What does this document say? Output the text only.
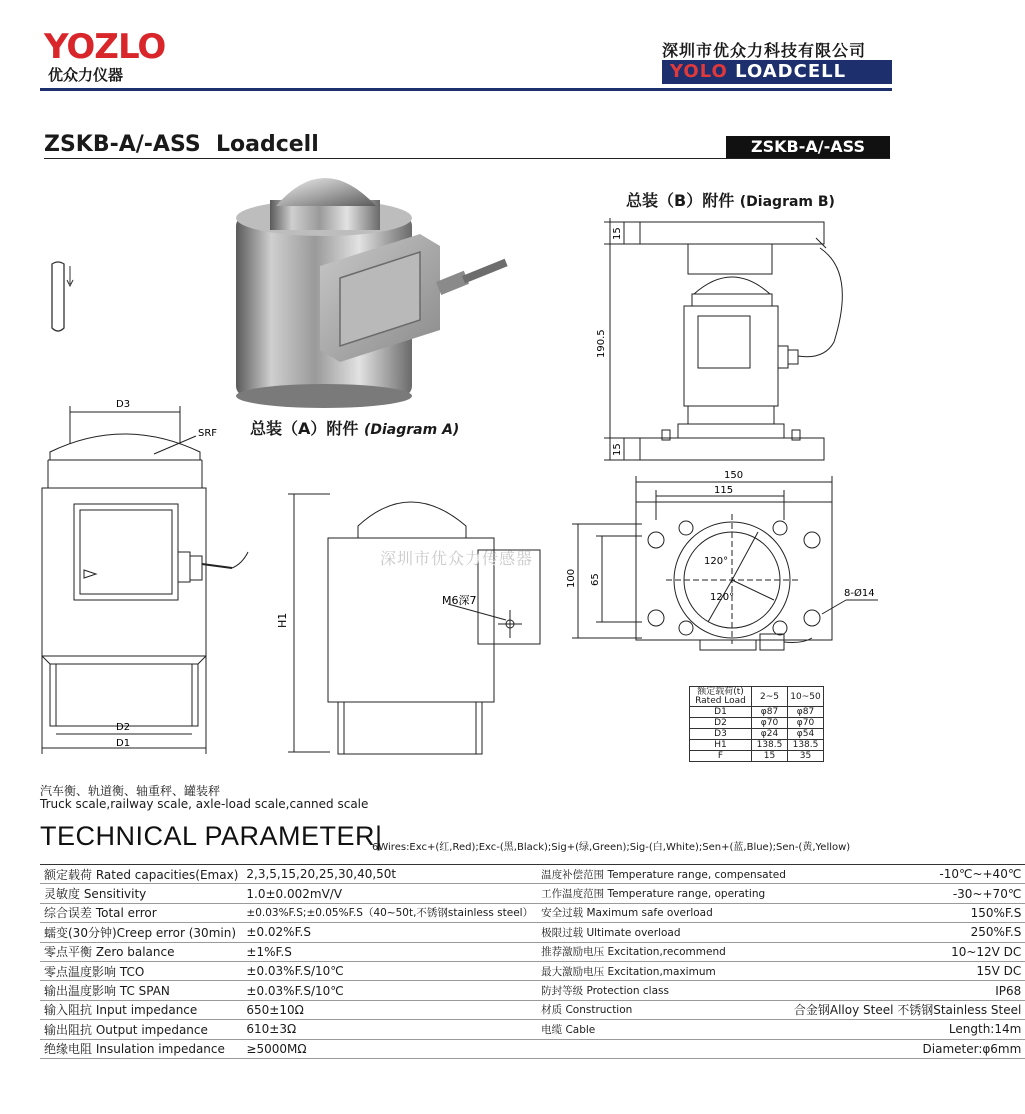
YOZLO
优众力仪器
深圳市优众力科技有限公司
YOLO LOADCELL
ZSKB-A/-ASS  Loadcell	ZSKB-A/-ASS
总装（A）附件 (Diagram A)
总装（B）附件 (Diagram B)
D3
SRF
D2
D1
H1
M6深7
深圳市优众力传感器
15
190.5
15
150
115
100 65
120°
120°	8-Ø14
额定载荷(t)
Rated Load	2~5	10~50
D1	φ87	φ87
D2	φ70	φ70
D3	φ24	φ54
H1	138.5	138.5
F	15	35
汽车衡、轨道衡、轴重秤、罐装秤
Truck scale,railway scale, axle-load scale,canned scale
TECHNICAL PARAMETER|
6Wires:Exc+(红,Red);Exc-(黑,Black);Sig+(绿,Green);Sig-(白,White);Sen+(蓝,Blue);Sen-(黄,Yellow)
额定载荷 Rated capacities(Emax)	2,3,5,15,20,25,30,40,50t	温度补偿范围 Temperature range, compensated	-10℃~+40℃
灵敏度 Sensitivity	1.0±0.002mV/V	工作温度范围 Temperature range, operating	-30~+70℃
综合误差 Total error	±0.03%F.S;±0.05%F.S（40~50t,不锈钢stainless steel）	安全过载 Maximum safe overload	150%F.S
蠕变(30分钟)Creep error (30min)	±0.02%F.S	极限过载 Ultimate overload	250%F.S
零点平衡 Zero balance	±1%F.S	推荐激励电压 Excitation,recommend	10~12V DC
零点温度影响 TCO	±0.03%F.S/10℃	最大激励电压 Excitation,maximum	15V DC
输出温度影响 TC SPAN	±0.03%F.S/10℃	防封等级 Protection class	IP68
输入阻抗 Input impedance	650±10Ω	材质 Construction	合金钢Alloy Steel 不锈钢Stainless Steel
输出阻抗 Output impedance	610±3Ω	电缆 Cable	Length:14m
绝缘电阻 Insulation impedance	≥5000MΩ		Diameter:φ6mm
